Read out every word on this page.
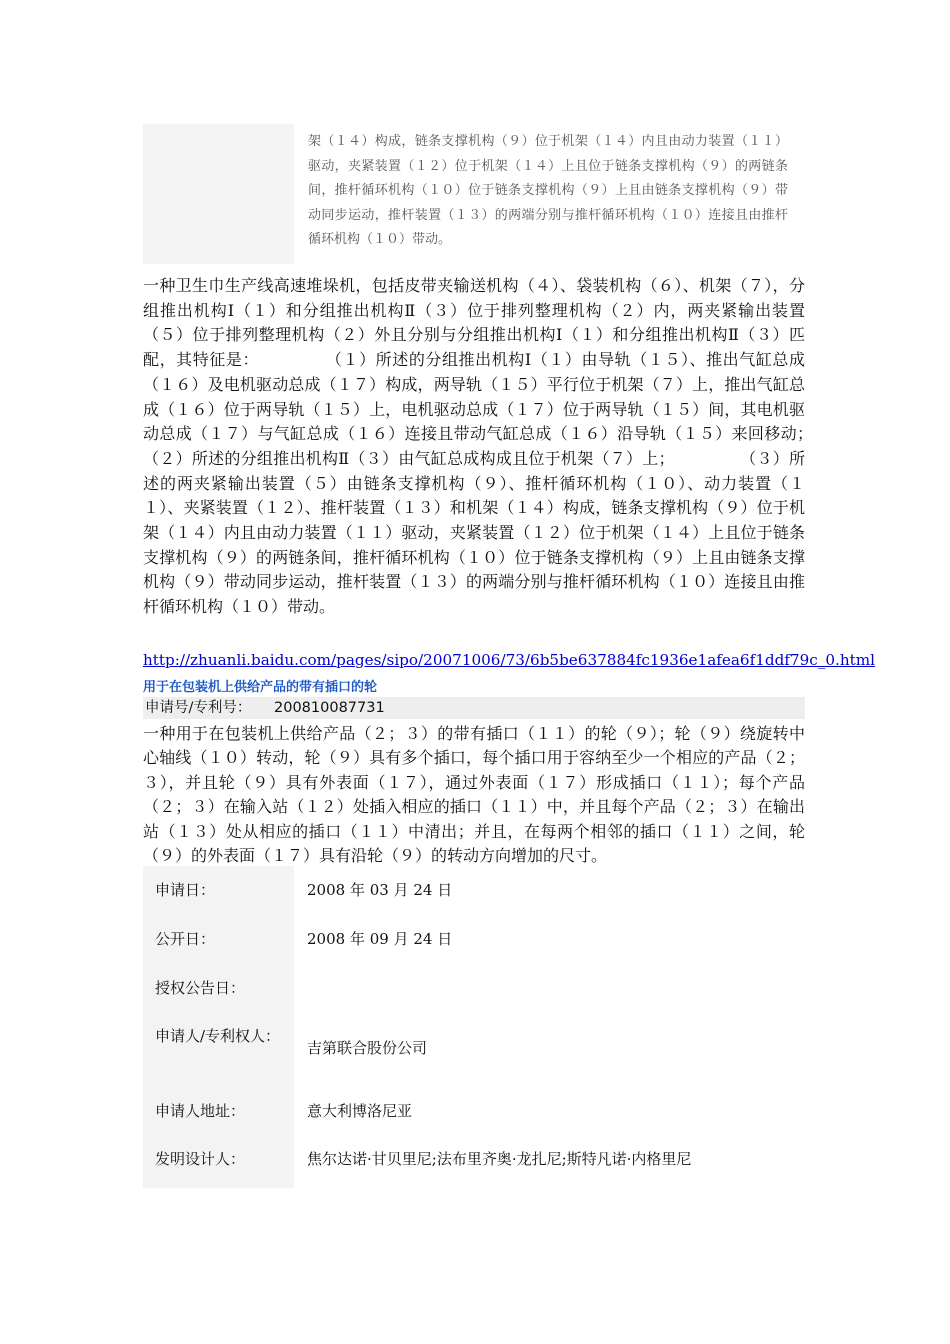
架（１４）构成，链条支撑机构（９）位于机架（１４）内且由动力装置（１１）驱动，夹紧装置（１２）位于机架（１４）上且位于链条支撑机构（９）的两链条间，推杆循环机构（１０）位于链条支撑机构（９）上且由链条支撑机构（９）带动同步运动，推杆装置（１３）的两端分别与推杆循环机构（１０）连接且由推杆循环机构（１０）带动。
一种卫生巾生产线高速堆垛机，包括皮带夹输送机构（４）、袋装机构（６）、机架（７），分组推出机构Ⅰ（１）和分组推出机构Ⅱ（３）位于排列整理机构（２）内，两夹紧输出装置（５）位于排列整理机构（２）外且分别与分组推出机构Ⅰ（１）和分组推出机构Ⅱ（３）匹配，其特征是：　　　　　（１）所述的分组推出机构Ⅰ（１）由导轨（１５）、推出气缸总成（１６）及电机驱动总成（１７）构成，两导轨（１５）平行位于机架（７）上，推出气缸总成（１６）位于两导轨（１５）上，电机驱动总成（１７）位于两导轨（１５）间，其电机驱动总成（１７）与气缸总成（１６）连接且带动气缸总成（１６）沿导轨（１５）来回移动；　　　　　（２）所述的分组推出机构Ⅱ（３）由气缸总成构成且位于机架（７）上；　　　　　（３）所述的两夹紧输出装置（５）由链条支撑机构（９）、推杆循环机构（１０）、动力装置（１１）、夹紧装置（１２）、推杆装置（１３）和机架（１４）构成，链条支撑机构（９）位于机架（１４）内且由动力装置（１１）驱动，夹紧装置（１２）位于机架（１４）上且位于链条支撑机构（９）的两链条间，推杆循环机构（１０）位于链条支撑机构（９）上且由链条支撑机构（９）带动同步运动，推杆装置（１３）的两端分别与推杆循环机构（１０）连接且由推杆循环机构（１０）带动。
http://zhuanli.baidu.com/pages/sipo/20071006/73/6b5be637884fc1936e1afea6f1ddf79c_0.html
用于在包装机上供给产品的带有插口的轮
申请号/专利号： 200810087731
一种用于在包装机上供给产品（２；３）的带有插口（１１）的轮（９）；轮（９）绕旋转中心轴线（１０）转动，轮（９）具有多个插口，每个插口用于容纳至少一个相应的产品（２；３），并且轮（９）具有外表面（１７），通过外表面（１７）形成插口（１１）；每个产品（２；３）在输入站（１２）处插入相应的插口（１１）中，并且每个产品（２；３）在输出站（１３）处从相应的插口（１１）中清出；并且，在每两个相邻的插口（１１）之间，轮（９）的外表面（１７）具有沿轮（９）的转动方向增加的尺寸。
申请日：	2008 年 03 月 24 日
公开日：	2008 年 09 月 24 日
授权公告日：
申请人/专利权人：
吉第联合股份公司
申请人地址：	意大利博洛尼亚
发明设计人：	焦尔达诺·甘贝里尼;法布里齐奥·龙扎尼;斯特凡诺·内格里尼
